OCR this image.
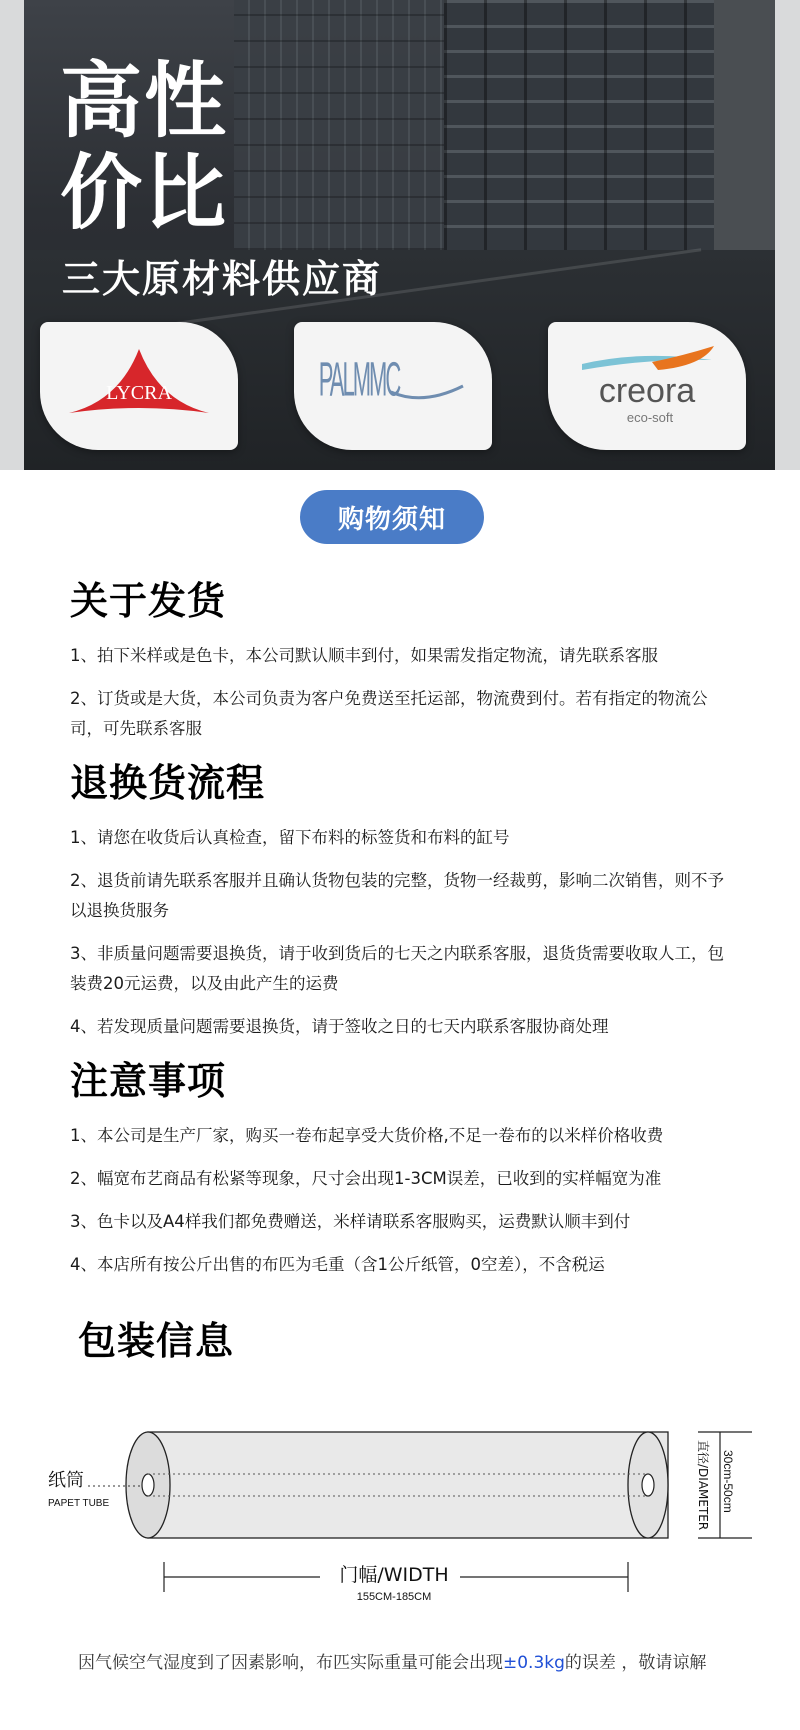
高性
价比
三大原材料供应商
LYCRA	PALMMC	creora
eco-soft
购物须知
关于发货
1、拍下米样或是色卡，本公司默认顺丰到付，如果需发指定物流，请先联系客服
2、订货或是大货，本公司负责为客户免费送至托运部，物流费到付。若有指定的物流公司，可先联系客服
退换货流程
1、请您在收货后认真检查，留下布料的标签货和布料的缸号
2、退货前请先联系客服并且确认货物包装的完整，货物一经裁剪，影响二次销售，则不予以退换货服务
3、非质量问题需要退换货，请于收到货后的七天之内联系客服，退货货需要收取人工，包装费20元运费，以及由此产生的运费
4、若发现质量问题需要退换货，请于签收之日的七天内联系客服协商处理
注意事项
1、本公司是生产厂家，购买一卷布起享受大货价格,不足一卷布的以米样价格收费
2、幅宽布艺商品有松紧等现象，尺寸会出现1-3CM误差，已收到的实样幅宽为准
3、色卡以及A4样我们都免费赠送，米样请联系客服购买，运费默认顺丰到付
4、本店所有按公斤出售的布匹为毛重（含1公斤纸管，0空差），不含税运
包装信息
纸筒
PAPET TUBE	直径/DIAMETER 30cm-50cm
门幅/WIDTH
155CM-185CM
因气候空气湿度到了因素影响，布匹实际重量可能会出现±0.3kg的误差 ，敬请谅解
